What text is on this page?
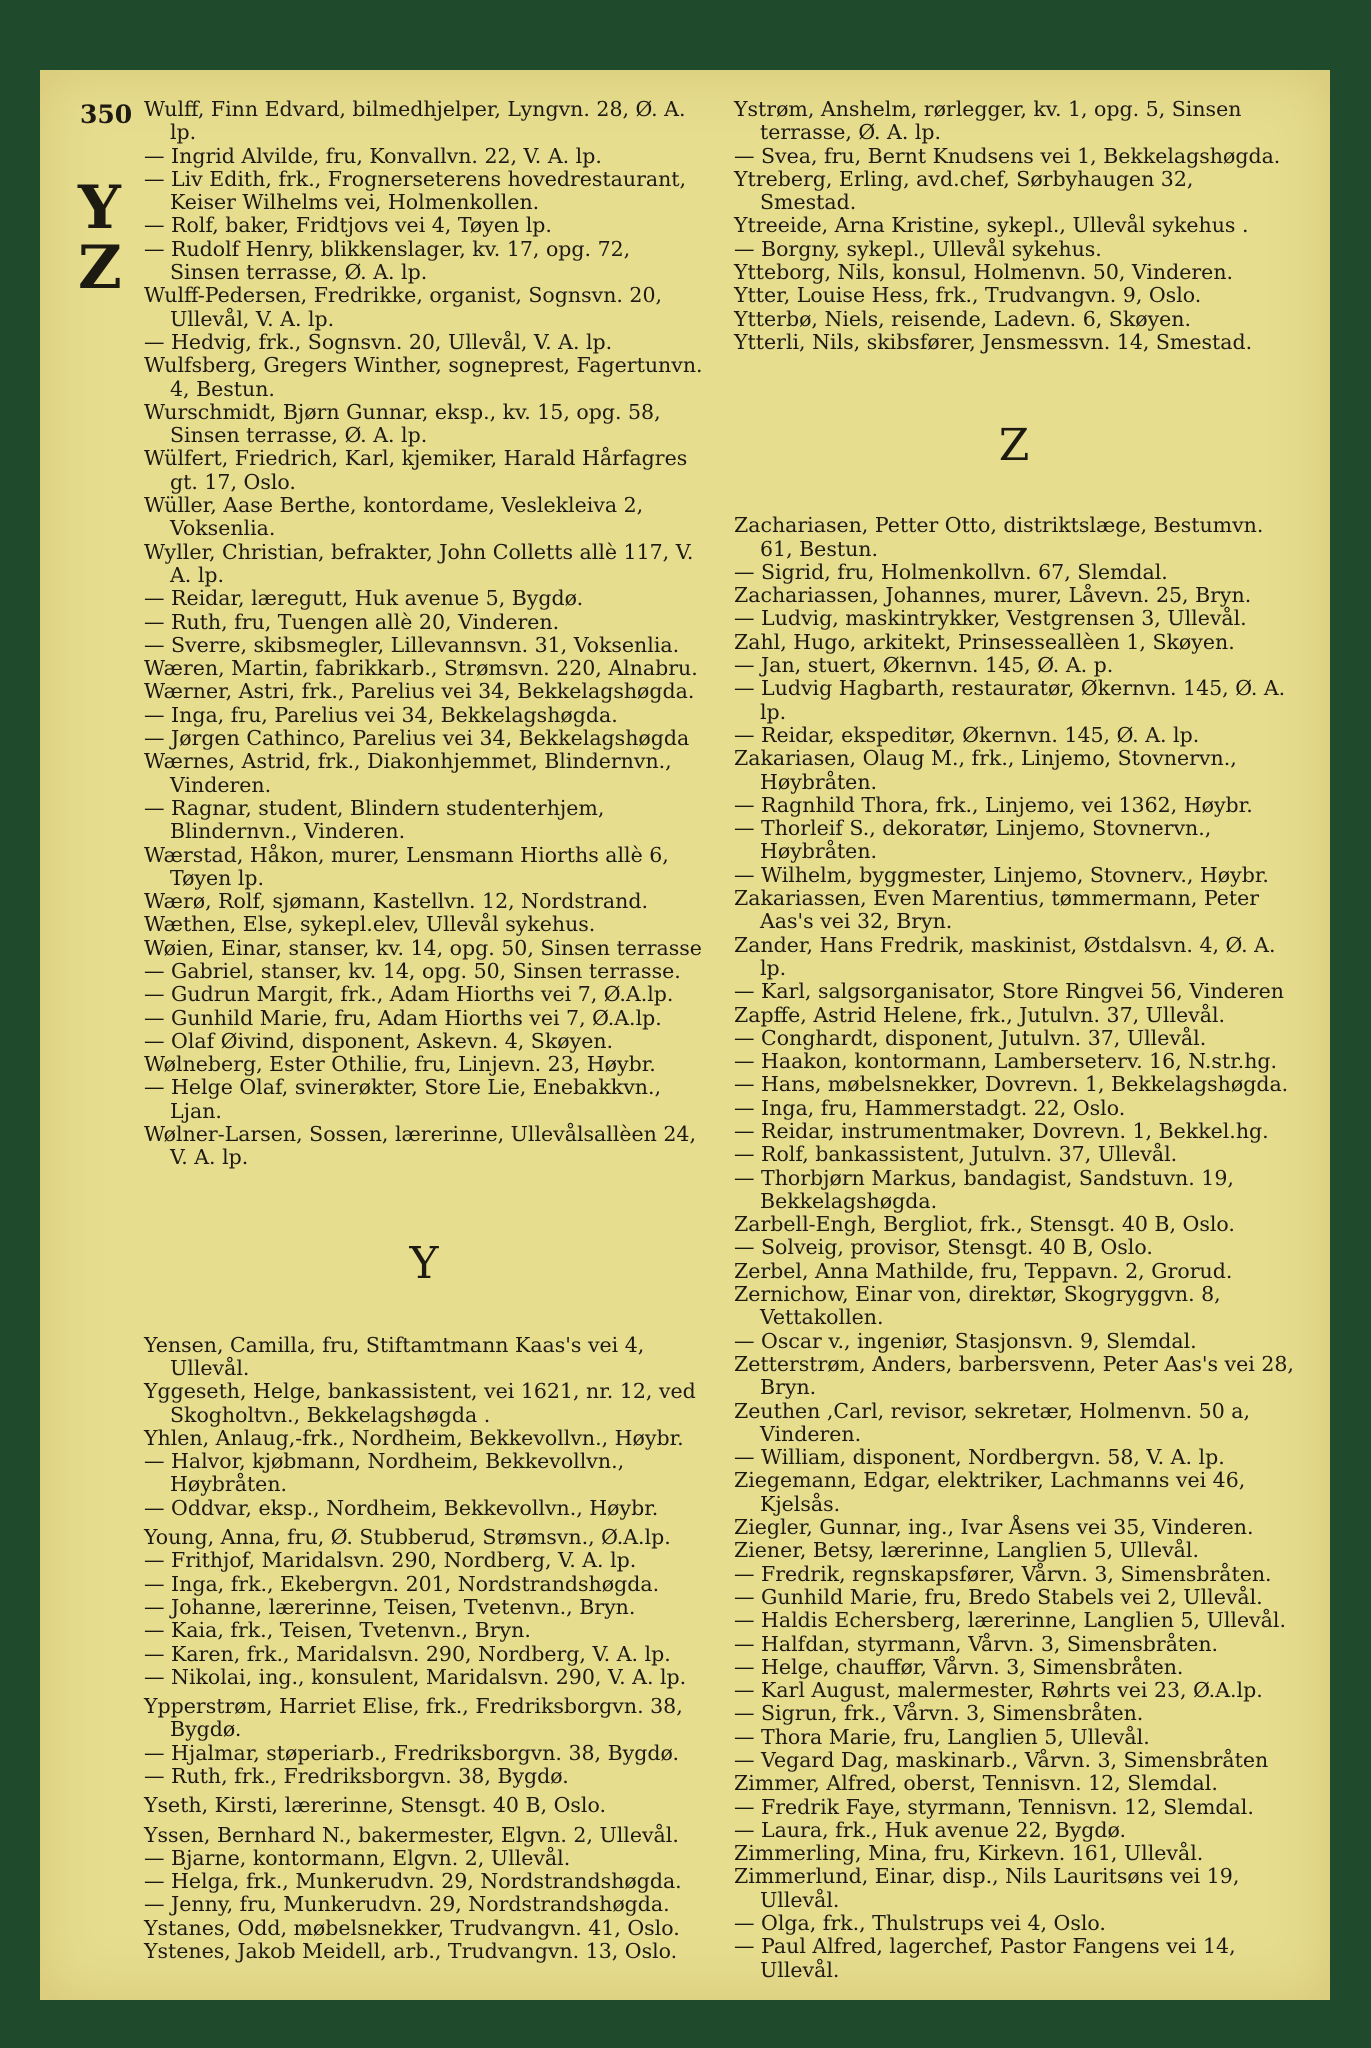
350
Y
Z

Wulff, Finn Edvard, bilmedhjelper, Lyngvn. 28, Ø. A. lp.

— Ingrid Alvilde, fru, Konvallvn. 22, V. A. lp.

— Liv Edith, frk., Frognerseterens hovedrestaurant, Keiser Wilhelms vei, Holmenkollen.

— Rolf, baker, Fridtjovs vei 4, Tøyen lp.

— Rudolf Henry, blikkenslager, kv. 17, opg. 72, Sinsen terrasse, Ø. A. lp.

Wulff-Pedersen, Fredrikke, organist, Sognsvn. 20, Ullevål, V. A. lp.

— Hedvig, frk., Sognsvn. 20, Ullevål, V. A. lp.

Wulfsberg, Gregers Winther, sogneprest, Fagertunvn. 4, Bestun.

Wurschmidt, Bjørn Gunnar, eksp., kv. 15, opg. 58, Sinsen terrasse, Ø. A. lp.

Wülfert, Friedrich, Karl, kjemiker, Harald Hårfagres gt. 17, Oslo.

Wüller, Aase Berthe, kontordame, Veslekleiva 2, Voksenlia.

Wyller, Christian, befrakter, John Colletts allè 117, V. A. lp.

— Reidar, læregutt, Huk avenue 5, Bygdø.

— Ruth, fru, Tuengen allè 20, Vinderen.

— Sverre, skibsmegler, Lillevannsvn. 31, Voksenlia.

Wæren, Martin, fabrikkarb., Strømsvn. 220, Alnabru.

Wærner, Astri, frk., Parelius vei 34, Bekkelagshøgda.

— Inga, fru, Parelius vei 34, Bekkelagshøgda.

— Jørgen Cathinco, Parelius vei 34, Bekkelagshøgda

Wærnes, Astrid, frk., Diakonhjemmet, Blindernvn., Vinderen.

— Ragnar, student, Blindern studenterhjem, Blindernvn., Vinderen.

Wærstad, Håkon, murer, Lensmann Hiorths allè 6, Tøyen lp.

Wærø, Rolf, sjømann, Kastellvn. 12, Nordstrand.

Wæthen, Else, sykepl.elev, Ullevål sykehus.

Wøien, Einar, stanser, kv. 14, opg. 50, Sinsen terrasse

— Gabriel, stanser, kv. 14, opg. 50, Sinsen terrasse.

— Gudrun Margit, frk., Adam Hiorths vei 7, Ø.A.lp.

— Gunhild Marie, fru, Adam Hiorths vei 7, Ø.A.lp.

— Olaf Øivind, disponent, Askevn. 4, Skøyen.

Wølneberg, Ester Othilie, fru, Linjevn. 23, Høybr.

— Helge Olaf, svinerøkter, Store Lie, Enebakkvn., Ljan.

Wølner-Larsen, Sossen, lærerinne, Ullevålsallèen 24, V. A. lp.

Y

Yensen, Camilla, fru, Stiftamtmann Kaas's vei 4, Ullevål.

Yggeseth, Helge, bankassistent, vei 1621, nr. 12, ved Skogholtvn., Bekkelagshøgda .

Yhlen, Anlaug,-frk., Nordheim, Bekkevollvn., Høybr.

— Halvor, kjøbmann, Nordheim, Bekkevollvn., Høybråten.

— Oddvar, eksp., Nordheim, Bekkevollvn., Høybr.

Young, Anna, fru, Ø. Stubberud, Strømsvn., Ø.A.lp.

— Frithjof, Maridalsvn. 290, Nordberg, V. A. lp.

— Inga, frk., Ekebergvn. 201, Nordstrandshøgda.

— Johanne, lærerinne, Teisen, Tvetenvn., Bryn.

— Kaia, frk., Teisen, Tvetenvn., Bryn.

— Karen, frk., Maridalsvn. 290, Nordberg, V. A. lp.

— Nikolai, ing., konsulent, Maridalsvn. 290, V. A. lp.

Ypperstrøm, Harriet Elise, frk., Fredriksborgvn. 38, Bygdø.

— Hjalmar, støperiarb., Fredriksborgvn. 38, Bygdø.

— Ruth, frk., Fredriksborgvn. 38, Bygdø.

Yseth, Kirsti, lærerinne, Stensgt. 40 B, Oslo.

Yssen, Bernhard N., bakermester, Elgvn. 2, Ullevål.

— Bjarne, kontormann, Elgvn. 2, Ullevål.

— Helga, frk., Munkerudvn. 29, Nordstrandshøgda.

— Jenny, fru, Munkerudvn. 29, Nordstrandshøgda.

Ystanes, Odd, møbelsnekker, Trudvangvn. 41, Oslo.

Ystenes, Jakob Meidell, arb., Trudvangvn. 13, Oslo.

Ystrøm, Anshelm, rørlegger, kv. 1, opg. 5, Sinsen terrasse, Ø. A. lp.

— Svea, fru, Bernt Knudsens vei 1, Bekkelagshøgda.

Ytreberg, Erling, avd.chef, Sørbyhaugen 32, Smestad.

Ytreeide, Arna Kristine, sykepl., Ullevål sykehus .

— Borgny, sykepl., Ullevål sykehus.

Ytteborg, Nils, konsul, Holmenvn. 50, Vinderen.

Ytter, Louise Hess, frk., Trudvangvn. 9, Oslo.

Ytterbø, Niels, reisende, Ladevn. 6, Skøyen.

Ytterli, Nils, skibsfører, Jensmessvn. 14, Smestad.

Z

Zachariasen, Petter Otto, distriktslæge, Bestumvn. 61, Bestun.

— Sigrid, fru, Holmenkollvn. 67, Slemdal.

Zachariassen, Johannes, murer, Låvevn. 25, Bryn.

— Ludvig, maskintrykker, Vestgrensen 3, Ullevål.

Zahl, Hugo, arkitekt, Prinsesseallèen 1, Skøyen.

— Jan, stuert, Økernvn. 145, Ø. A. p.

— Ludvig Hagbarth, restauratør, Økernvn. 145, Ø. A. lp.

— Reidar, ekspeditør, Økernvn. 145, Ø. A. lp.

Zakariasen, Olaug M., frk., Linjemo, Stovnervn., Høybråten.

— Ragnhild Thora, frk., Linjemo, vei 1362, Høybr.

— Thorleif S., dekoratør, Linjemo, Stovnervn., Høybråten.

— Wilhelm, byggmester, Linjemo, Stovnerv., Høybr.

Zakariassen, Even Marentius, tømmermann, Peter Aas's vei 32, Bryn.

Zander, Hans Fredrik, maskinist, Østdalsvn. 4, Ø. A. lp.

— Karl, salgsorganisator, Store Ringvei 56, Vinderen

Zapffe, Astrid Helene, frk., Jutulvn. 37, Ullevål.

— Conghardt, disponent, Jutulvn. 37, Ullevål.

— Haakon, kontormann, Lamberseterv. 16, N.str.hg.

— Hans, møbelsnekker, Dovrevn. 1, Bekkelagshøgda.

— Inga, fru, Hammerstadgt. 22, Oslo.

— Reidar, instrumentmaker, Dovrevn. 1, Bekkel.hg.

— Rolf, bankassistent, Jutulvn. 37, Ullevål.

— Thorbjørn Markus, bandagist, Sandstuvn. 19, Bekkelagshøgda.

Zarbell-Engh, Bergliot, frk., Stensgt. 40 B, Oslo.

— Solveig, provisor, Stensgt. 40 B, Oslo.

Zerbel, Anna Mathilde, fru, Teppavn. 2, Grorud.

Zernichow, Einar von, direktør, Skogryggvn. 8, Vettakollen.

— Oscar v., ingeniør, Stasjonsvn. 9, Slemdal.

Zetterstrøm, Anders, barbersvenn, Peter Aas's vei 28, Bryn.

Zeuthen ,Carl, revisor, sekretær, Holmenvn. 50 a, Vinderen.

— William, disponent, Nordbergvn. 58, V. A. lp.

Ziegemann, Edgar, elektriker, Lachmanns vei 46, Kjelsås.

Ziegler, Gunnar, ing., Ivar Åsens vei 35, Vinderen.

Ziener, Betsy, lærerinne, Langlien 5, Ullevål.

— Fredrik, regnskapsfører, Vårvn. 3, Simensbråten.

— Gunhild Marie, fru, Bredo Stabels vei 2, Ullevål.

— Haldis Echersberg, lærerinne, Langlien 5, Ullevål.

— Halfdan, styrmann, Vårvn. 3, Simensbråten.

— Helge, chauffør, Vårvn. 3, Simensbråten.

— Karl August, malermester, Røhrts vei 23, Ø.A.lp.

— Sigrun, frk., Vårvn. 3, Simensbråten.

— Thora Marie, fru, Langlien 5, Ullevål.

— Vegard Dag, maskinarb., Vårvn. 3, Simensbråten

Zimmer, Alfred, oberst, Tennisvn. 12, Slemdal.

— Fredrik Faye, styrmann, Tennisvn. 12, Slemdal.

— Laura, frk., Huk avenue 22, Bygdø.

Zimmerling, Mina, fru, Kirkevn. 161, Ullevål.

Zimmerlund, Einar, disp., Nils Lauritsøns vei 19, Ullevål.

— Olga, frk., Thulstrups vei 4, Oslo.

— Paul Alfred, lagerchef, Pastor Fangens vei 14, Ullevål.
